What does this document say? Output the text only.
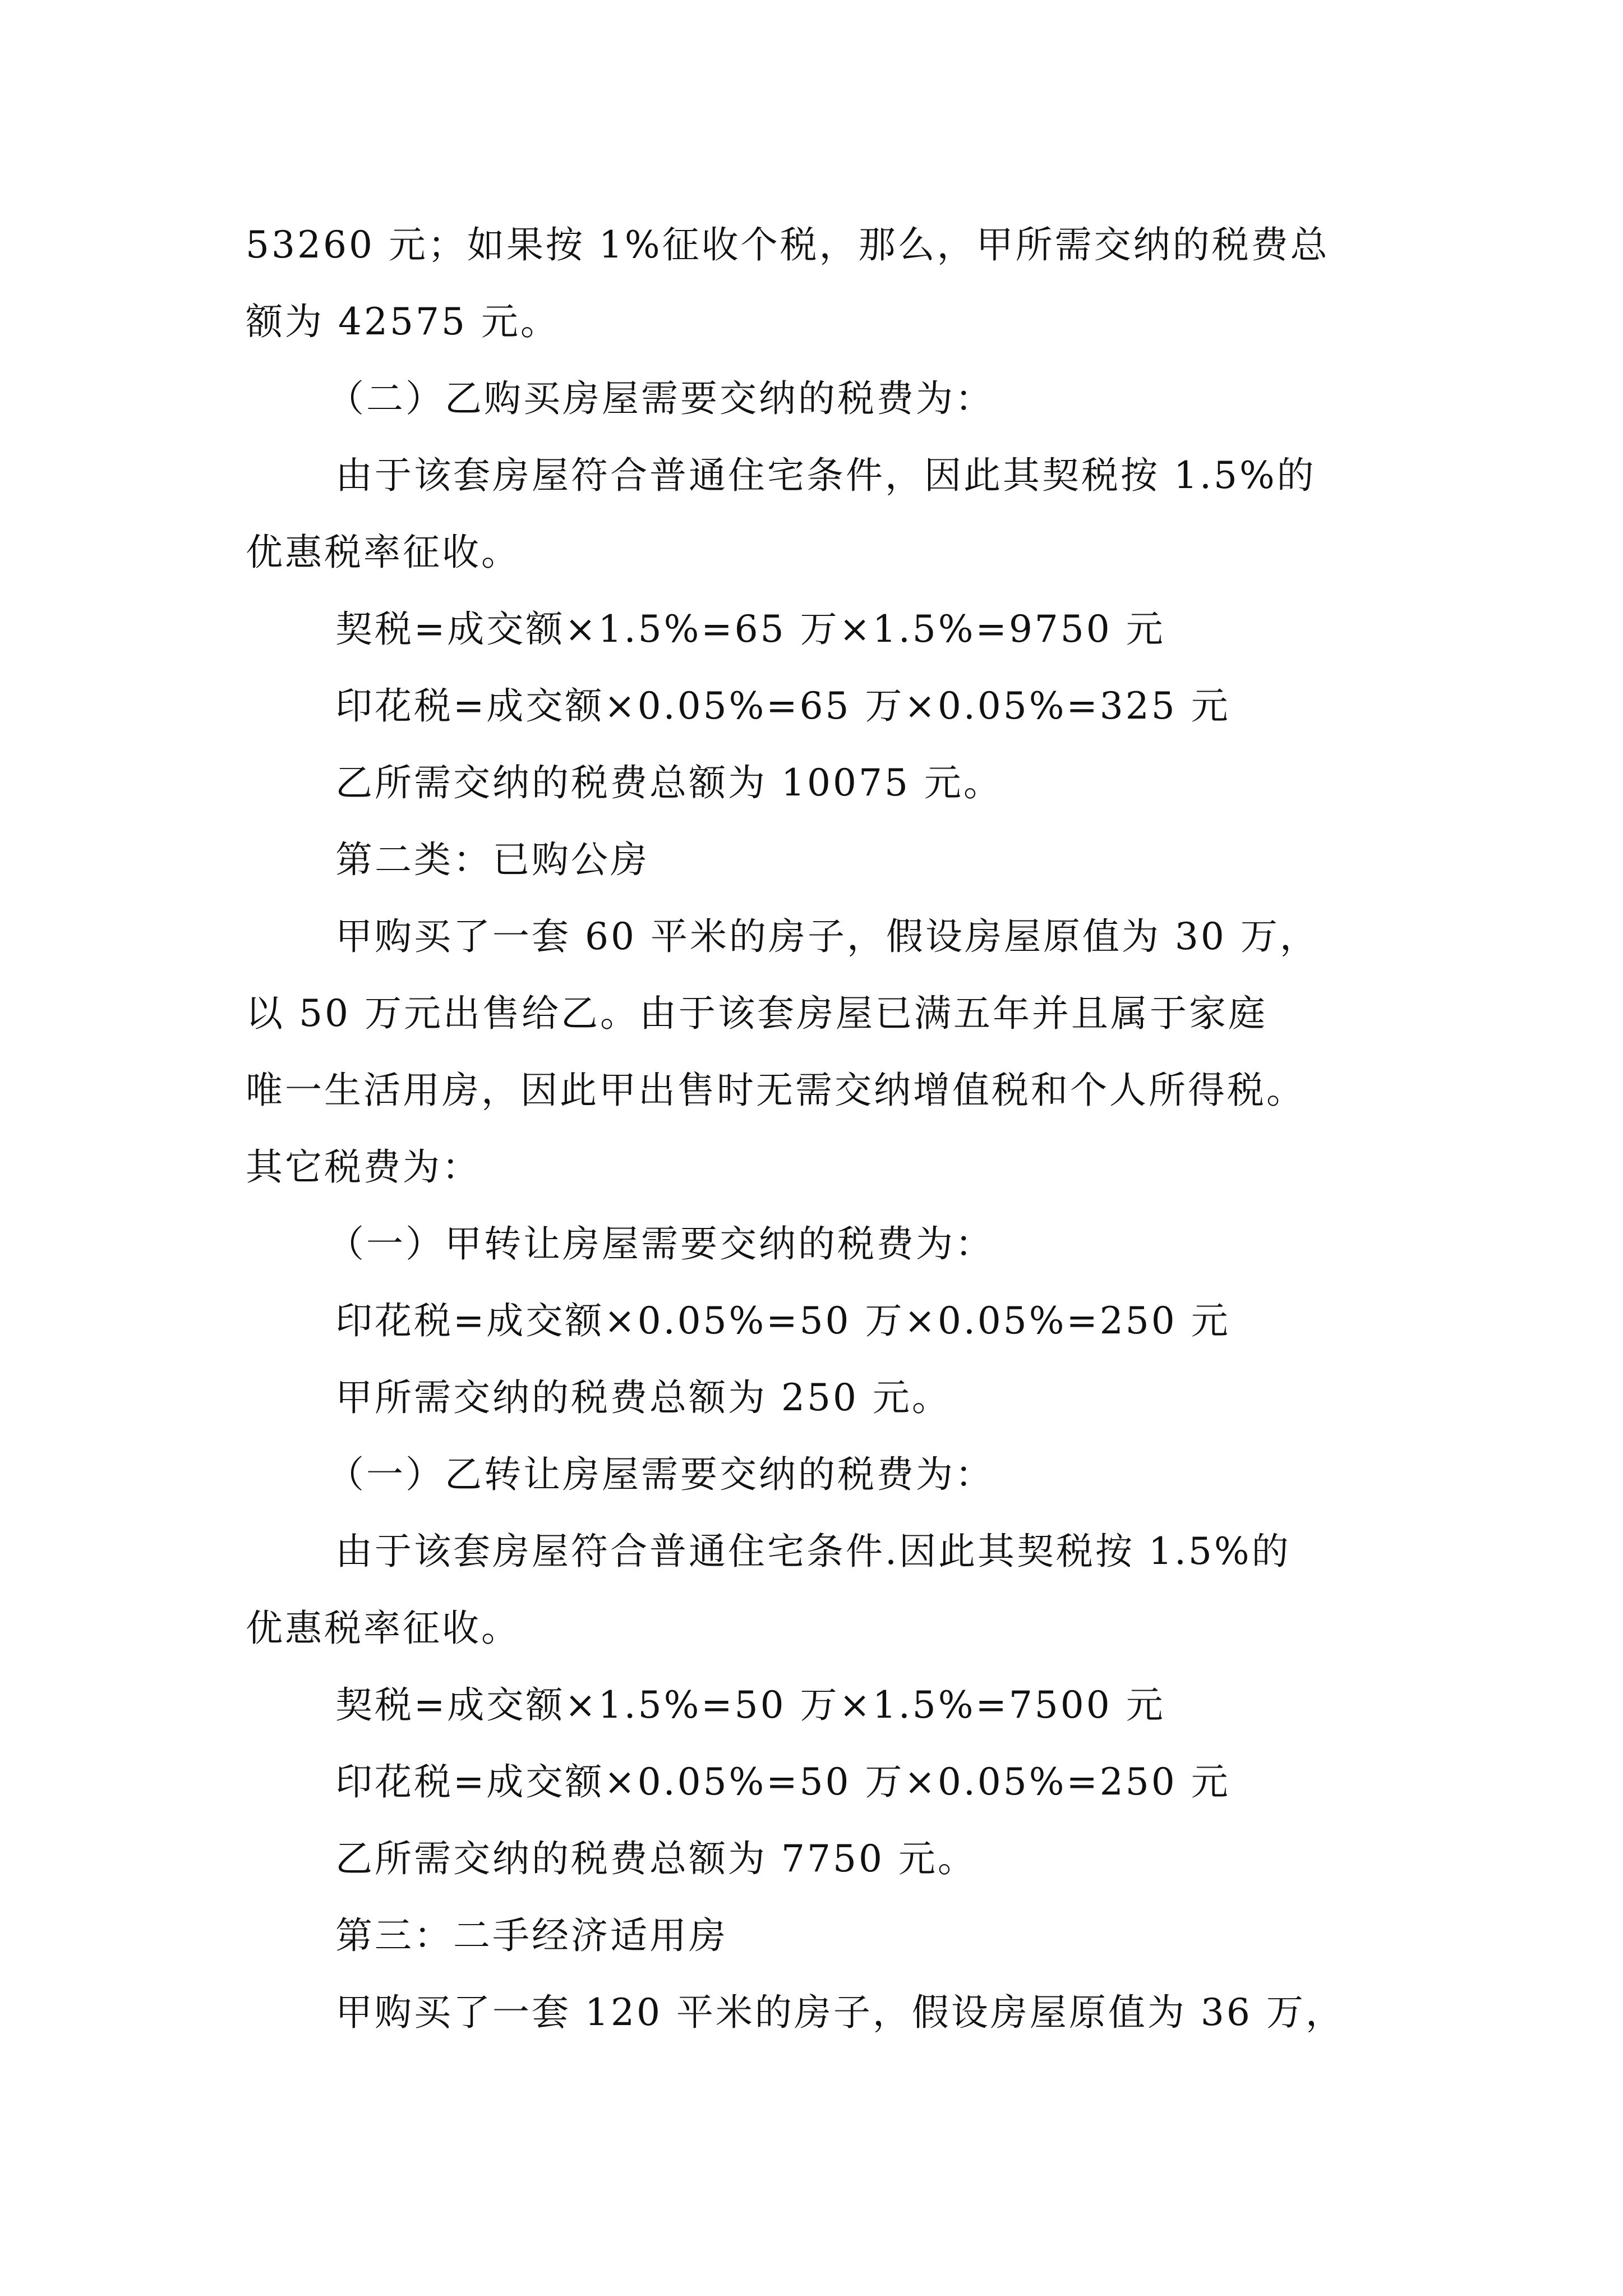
53260 元；如果按 1%征收个税，那么，甲所需交纳的税费总
额为 42575 元。
（二）乙购买房屋需要交纳的税费为：
由于该套房屋符合普通住宅条件，因此其契税按 1.5%的
优惠税率征收。
契税=成交额×1.5%=65 万×1.5%=9750 元
印花税=成交额×0.05%=65 万×0.05%=325 元
乙所需交纳的税费总额为 10075 元。
第二类：已购公房
甲购买了一套 60 平米的房子，假设房屋原值为 30 万，
以 50 万元出售给乙。由于该套房屋已满五年并且属于家庭
唯一生活用房，因此甲出售时无需交纳增值税和个人所得税。
其它税费为：
（一）甲转让房屋需要交纳的税费为：
印花税=成交额×0.05%=50 万×0.05%=250 元
甲所需交纳的税费总额为 250 元。
（一）乙转让房屋需要交纳的税费为：
由于该套房屋符合普通住宅条件.因此其契税按 1.5%的
优惠税率征收。
契税=成交额×1.5%=50 万×1.5%=7500 元
印花税=成交额×0.05%=50 万×0.05%=250 元
乙所需交纳的税费总额为 7750 元。
第三：二手经济适用房
甲购买了一套 120 平米的房子，假设房屋原值为 36 万，
